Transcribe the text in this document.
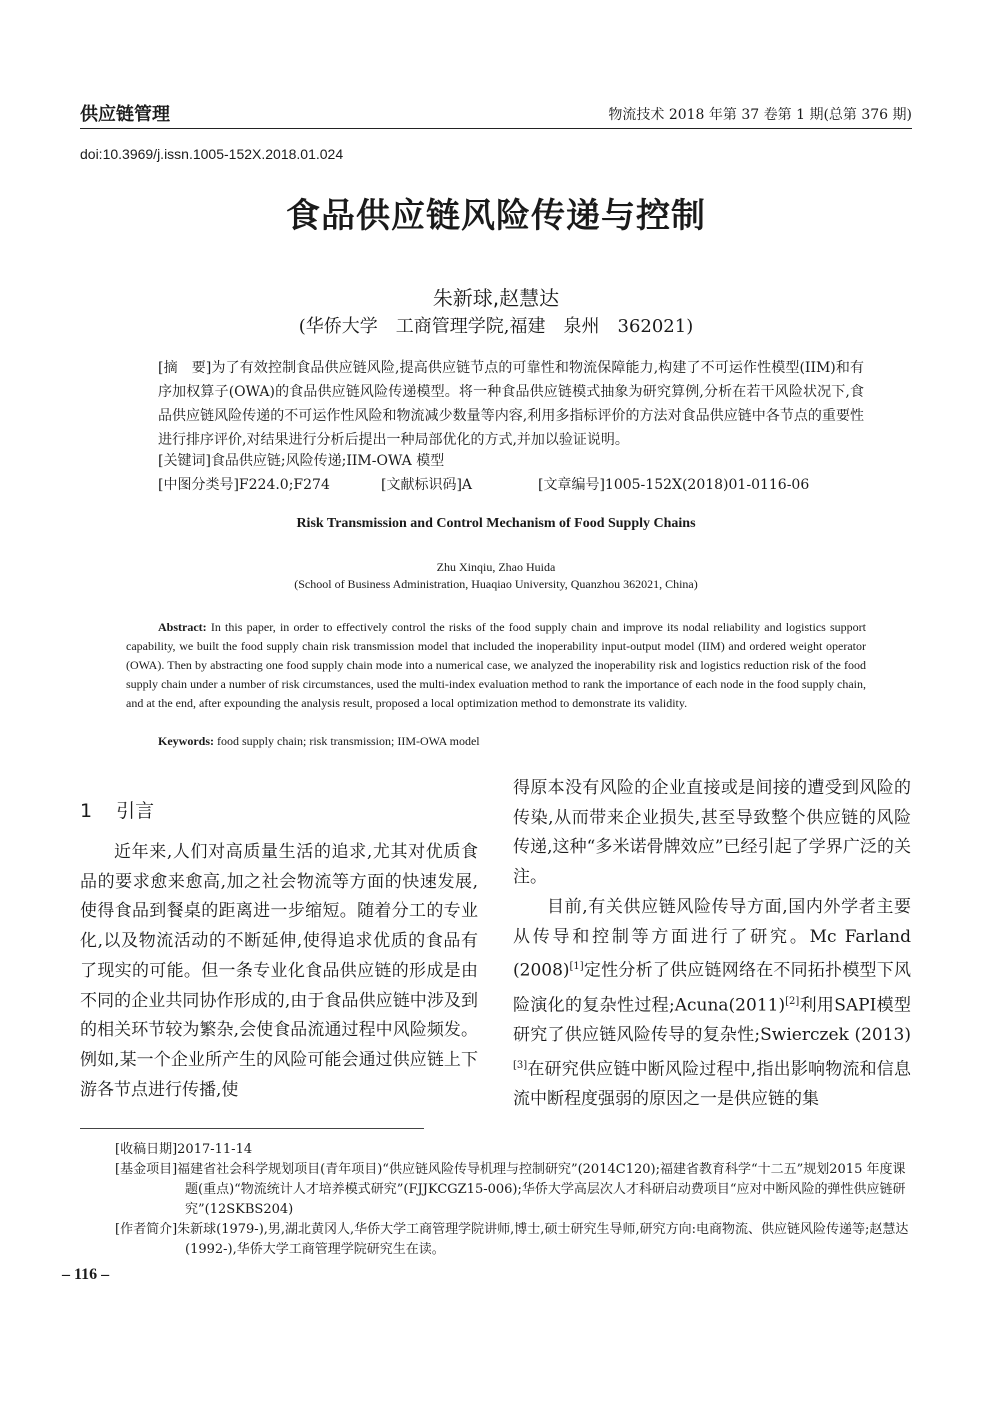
供应链管理	物流技术 2018 年第 37 卷第 1 期(总第 376 期)
doi:10.3969/j.issn.1005-152X.2018.01.024
食品供应链风险传递与控制
朱新球,赵慧达
(华侨大学　工商管理学院,福建　泉州　362021)
[摘　要]为了有效控制食品供应链风险,提高供应链节点的可靠性和物流保障能力,构建了不可运作性模型(IIM)和有序加权算子(OWA)的食品供应链风险传递模型。将一种食品供应链模式抽象为研究算例,分析在若干风险状况下,食品供应链风险传递的不可运作性风险和物流减少数量等内容,利用多指标评价的方法对食品供应链中各节点的重要性进行排序评价,对结果进行分析后提出一种局部优化的方式,并加以验证说明。
[关键词]食品供应链;风险传递;IIM-OWA 模型
[中图分类号]F224.0;F274	[文献标识码]A	[文章编号]1005-152X(2018)01-0116-06
Risk Transmission and Control Mechanism of Food Supply Chains
Zhu Xinqiu, Zhao Huida
(School of Business Administration, Huaqiao University, Quanzhou 362021, China)
Abstract: In this paper, in order to effectively control the risks of the food supply chain and improve its nodal reliability and logistics support capability, we built the food supply chain risk transmission model that included the inoperability input-output model (IIM) and ordered weight operator (OWA). Then by abstracting one food supply chain mode into a numerical case, we analyzed the inoperability risk and logistics reduction risk of the food supply chain under a number of risk circumstances, used the multi-index evaluation method to rank the importance of each node in the food supply chain, and at the end, after expounding the analysis result, proposed a local optimization method to demonstrate its validity.
Keywords: food supply chain; risk transmission; IIM-OWA model
1 引言

近年来,人们对高质量生活的追求,尤其对优质食品的要求愈来愈高,加之社会物流等方面的快速发展,使得食品到餐桌的距离进一步缩短。随着分工的专业化,以及物流活动的不断延伸,使得追求优质的食品有了现实的可能。但一条专业化食品供应链的形成是由不同的企业共同协作形成的,由于食品供应链中涉及到的相关环节较为繁杂,会使食品流通过程中风险频发。例如,某一个企业所产生的风险可能会通过供应链上下游各节点进行传播,使

得原本没有风险的企业直接或是间接的遭受到风险的传染,从而带来企业损失,甚至导致整个供应链的风险传递,这种“多米诺骨牌效应”已经引起了学界广泛的关注。

目前,有关供应链风险传导方面,国内外学者主要从传导和控制等方面进行了研究。Mc Farland (2008)[1]定性分析了供应链网络在不同拓扑模型下风险演化的复杂性过程;Acuna(2011)[2]利用SAPI模型研究了供应链风险传导的复杂性;Swierczek (2013)[3]在研究供应链中断风险过程中,指出影响物流和信息流中断程度强弱的原因之一是供应链的集

[收稿日期]2017-11-14
[基金项目]福建省社会科学规划项目(青年项目)“供应链风险传导机理与控制研究”(2014C120);福建省教育科学“十二五”规划2015 年度课题(重点)“物流统计人才培养模式研究”(FJJKCGZ15-006);华侨大学高层次人才科研启动费项目“应对中断风险的弹性供应链研究”(12SKBS204)
[作者简介]朱新球(1979-),男,湖北黄冈人,华侨大学工商管理学院讲师,博士,硕士研究生导师,研究方向:电商物流、供应链风险传递等;赵慧达(1992-),华侨大学工商管理学院研究生在读。
– 116 –
